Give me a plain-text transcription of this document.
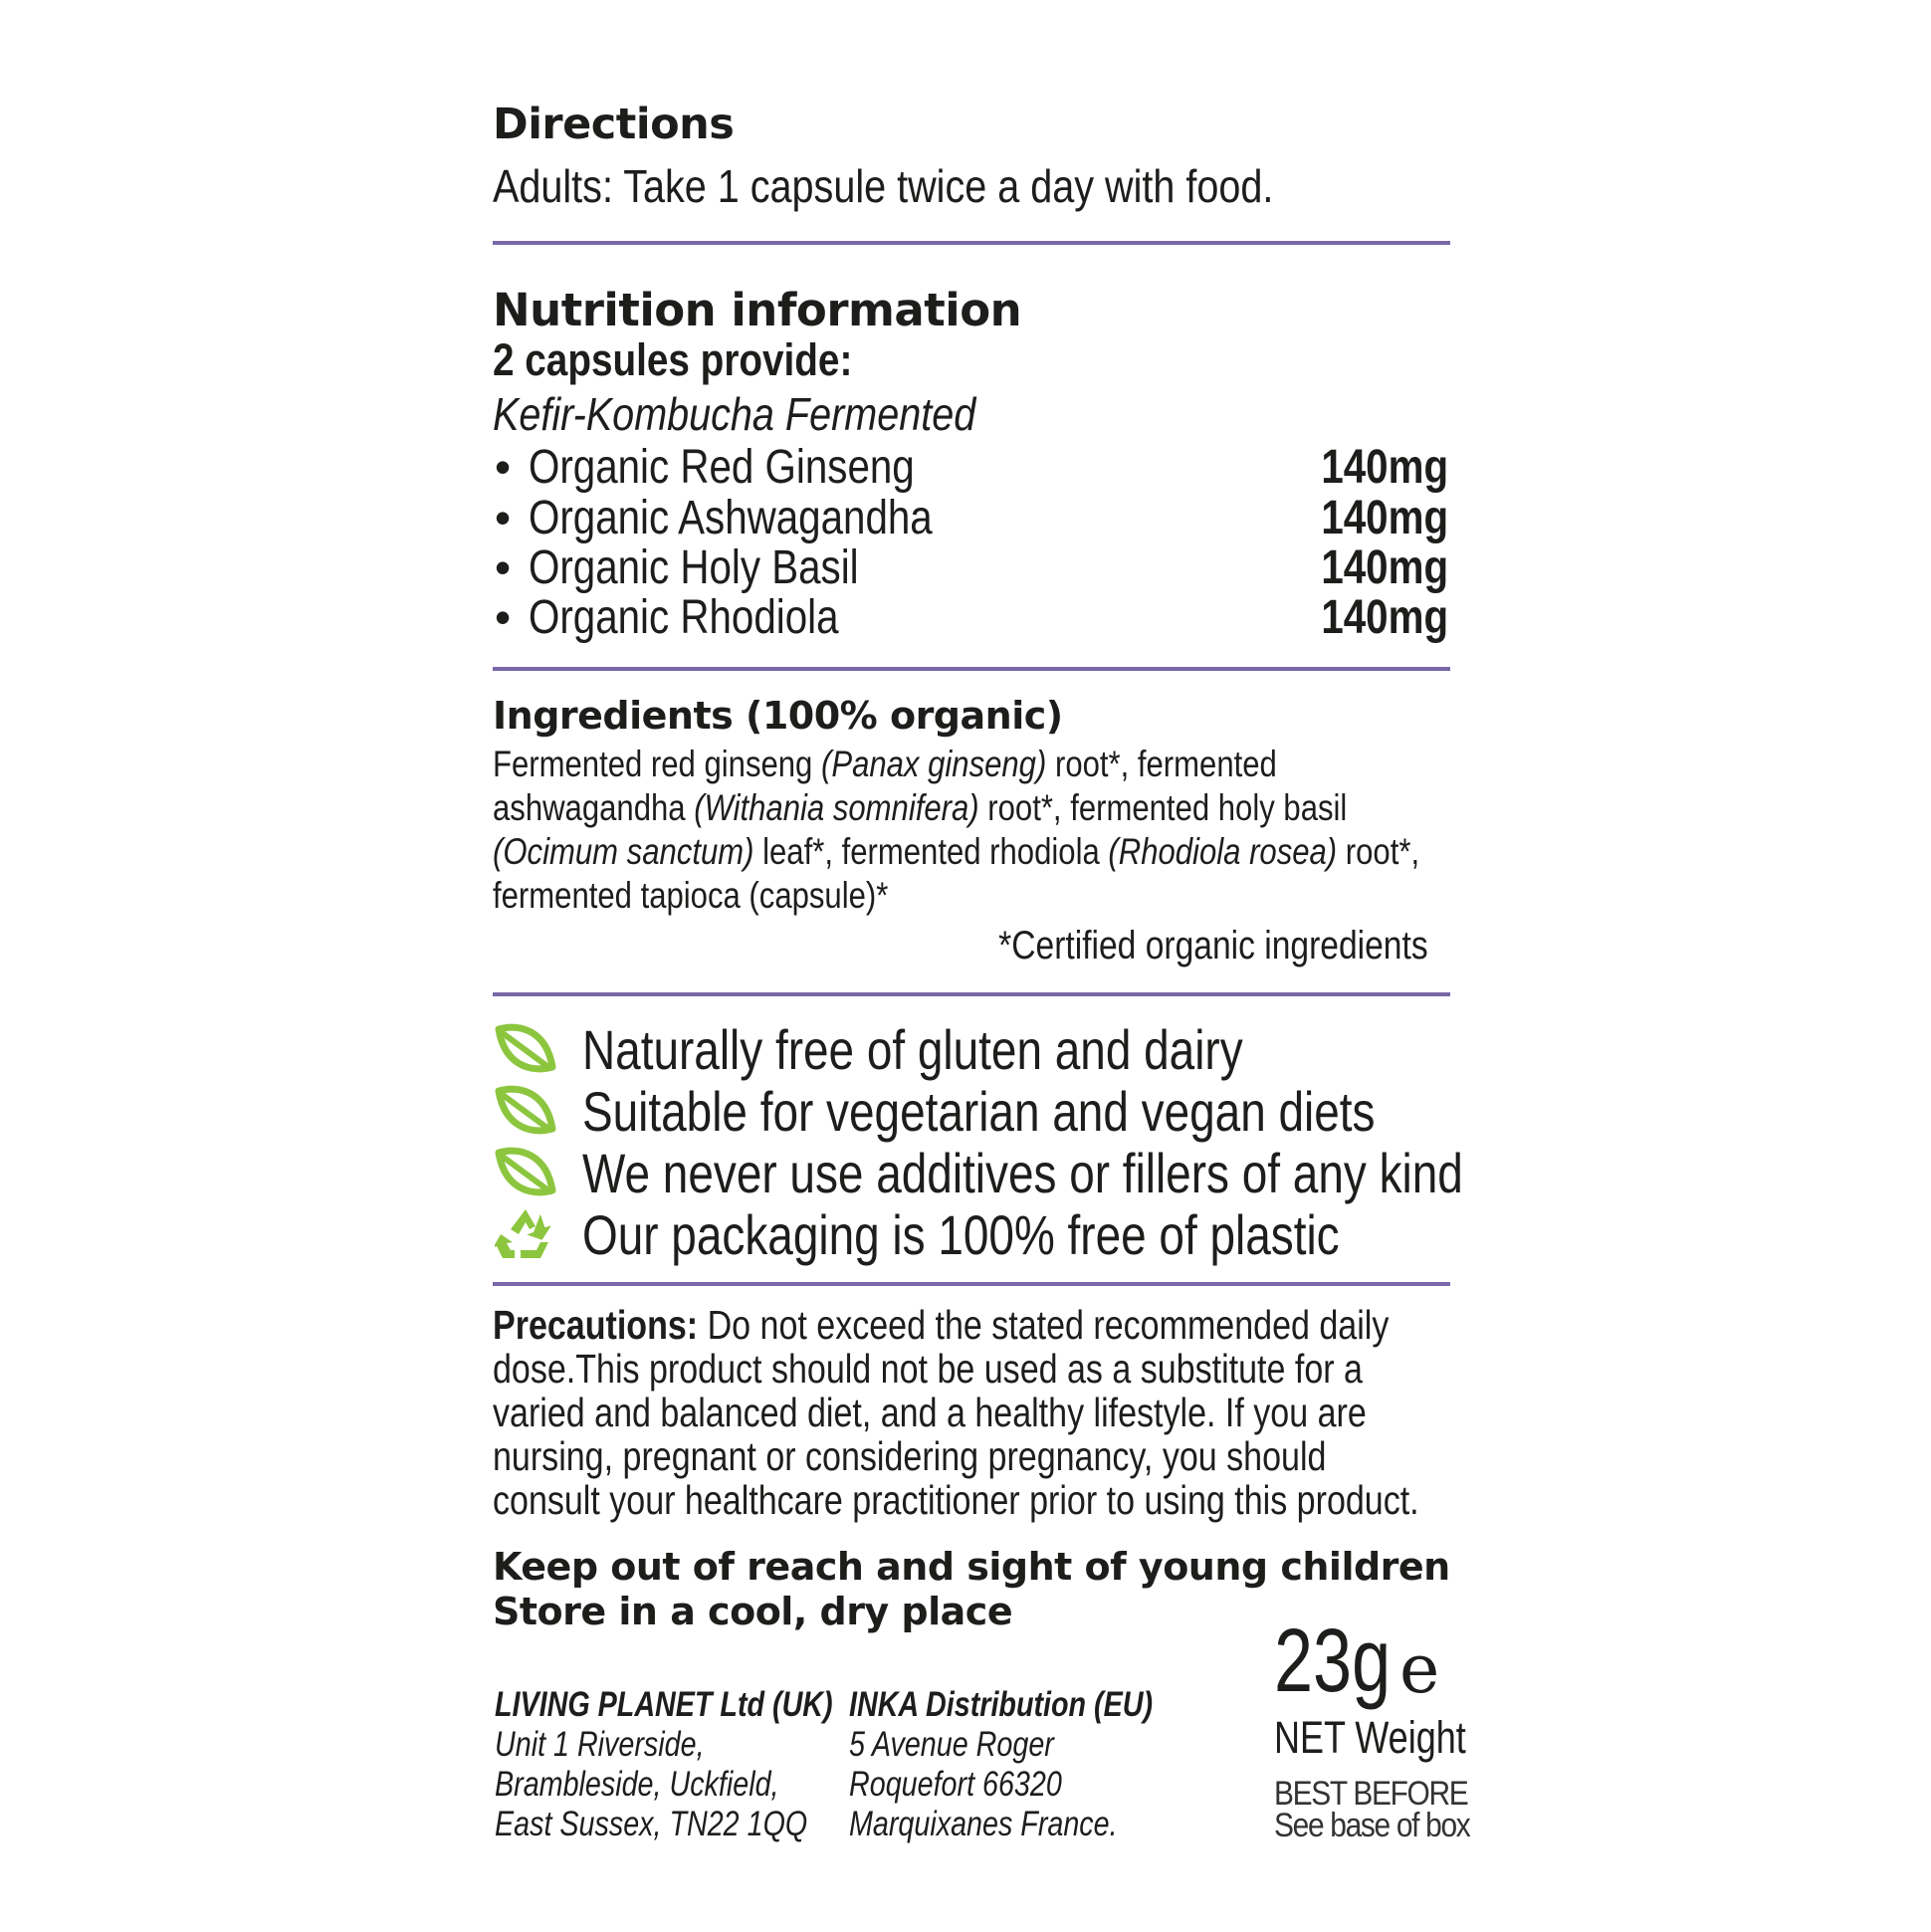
Directions
Adults: Take 1 capsule twice a day with food.
Nutrition information
2 capsules provide:
Kefir-Kombucha Fermented
• Organic Red Ginseng	140mg
• Organic Ashwagandha	140mg
• Organic Holy Basil	140mg
• Organic Rhodiola	140mg
Ingredients (100% organic)
Fermented red ginseng (Panax ginseng) root*, fermented ashwagandha (Withania somnifera) root*, fermented holy basil (Ocimum sanctum) leaf*, fermented rhodiola (Rhodiola rosea) root*, fermented tapioca (capsule)*
*Certified organic ingredients
Naturally free of gluten and dairy
Suitable for vegetarian and vegan diets
We never use additives or fillers of any kind
Our packaging is 100% free of plastic
Precautions: Do not exceed the stated recommended daily dose.This product should not be used as a substitute for a varied and balanced diet, and a healthy lifestyle. If you are nursing, pregnant or considering pregnancy, you should consult your healthcare practitioner prior to using this product.
Keep out of reach and sight of young children
Store in a cool, dry place
LIVING PLANET Ltd (UK)
Unit 1 Riverside,
Brambleside, Uckfield,
East Sussex, TN22 1QQ
INKA Distribution (EU)
5 Avenue Roger
Roquefort 66320
Marquixanes France.
23g e
NET Weight
BEST BEFORE
See base of box
